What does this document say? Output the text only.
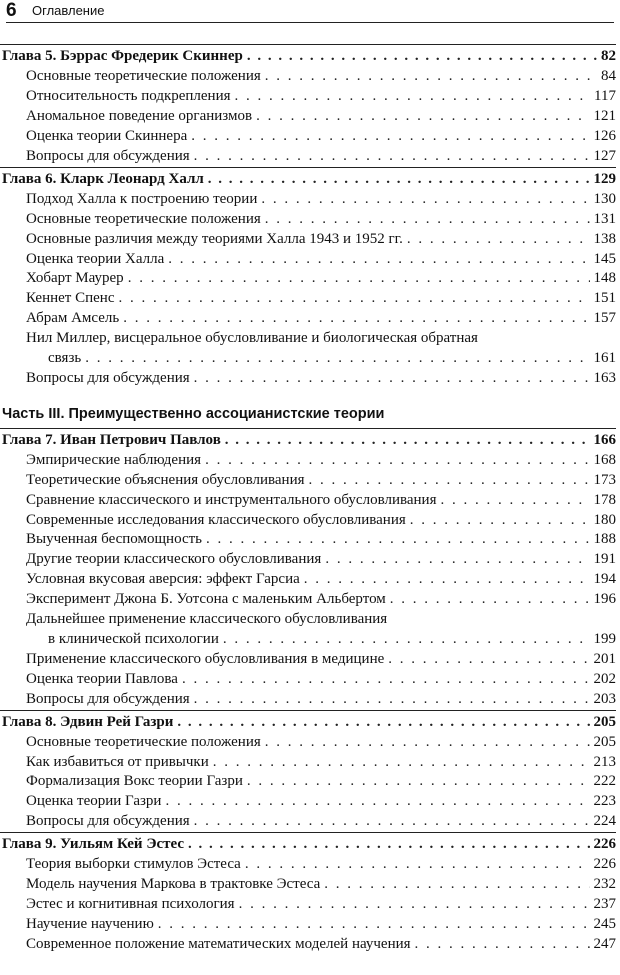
6 Оглавление
Глава 5. Бэррас Фредерик Скиннер . . .	82
Основные теоретические положения . . .	84
Относительность подкрепления . . .	117
Аномальное поведение организмов . . .	121
Оценка теории Скиннера . . .	126
Вопросы для обсуждения . . .	127
Глава 6. Кларк Леонард Халл . . .	129
Подход Халла к построению теории . . .	130
Основные теоретические положения . . .	131
Основные различия между теориями Халла 1943 и 1952 гг. . . .	138
Оценка теории Халла . . .	145
Хобарт Маурер . . .	148
Кеннет Спенс . . .	151
Абрам Амсель . . .	157
Нил Миллер, висцеральное обусловливание и биологическая обратная
связь . . .	161
Вопросы для обсуждения . . .	163
Часть III. Преимущественно ассоцианистские теории
Глава 7. Иван Петрович Павлов . . .	166
Эмпирические наблюдения . . .	168
Теоретические объяснения обусловливания . . .	173
Сравнение классического и инструментального обусловливания . . .	178
Современные исследования классического обусловливания . . .	180
Выученная беспомощность . . .	188
Другие теории классического обусловливания . . .	191
Условная вкусовая аверсия: эффект Гарсиа . . .	194
Эксперимент Джона Б. Уотсона с маленьким Альбертом . . .	196
Дальнейшее применение классического обусловливания
в клинической психологии . . .	199
Применение классического обусловливания в медицине . . .	201
Оценка теории Павлова . . .	202
Вопросы для обсуждения . . .	203
Глава 8. Эдвин Рей Газри . . .	205
Основные теоретические положения . . .	205
Как избавиться от привычки . . .	213
Формализация Вокс теории Газри . . .	222
Оценка теории Газри . . .	223
Вопросы для обсуждения . . .	224
Глава 9. Уильям Кей Эстес . . .	226
Теория выборки стимулов Эстеса . . .	226
Модель научения Маркова в трактовке Эстеса . . .	232
Эстес и когнитивная психология . . .	237
Научение научению . . .	245
Современное положение математических моделей научения . . .	247
